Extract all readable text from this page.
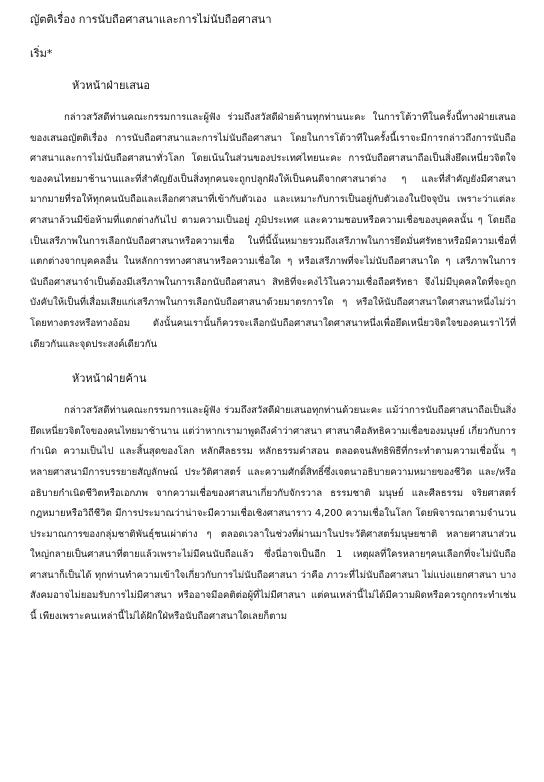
ญัตติเรื่อง การนับถือศาสนาและการไม่นับถือศาสนา

เริ่ม*

หัวหน้าฝ่ายเสนอ

กล่าวสวัสดีท่านคณะกรรมการและผู้ฟัง ร่วมถึงสวัสดีฝ่ายค้านทุกท่านนะคะ ในการโต้วาทีในครั้งนี้ทางฝ่ายเสนอของเสนอญัตติเรื่อง การนับถือศาสนาและการไม่นับถือศาสนา โดยในการโต้วาทีในครั้งนี้เราจะมีการกล่าวถึงการนับถือศาสนาและการไม่นับถือศาสนาทั่วโลก โดยเน้นในส่วนของประเทศไทยนะคะ การนับถือศาสนาถือเป็นสิ่งยึดเหนี่ยวจิตใจของคนไทยมาช้านานและที่สำคัญยังเป็นสิ่งทุกคนจะถูกปลูกฝังให้เป็นคนดีจากศาสนาต่าง ๆ และที่สำคัญยังมีศาสนามากมายที่รอให้ทุกคนนับถือและเลือกศาสนาที่เข้ากับตัวเอง และเหมาะกับการเป็นอยู่กับตัวเองในปัจจุบัน เพราะว่าแต่ละศาสนาล้วนมีข้อห้ามที่แตกต่างกันไป ตามความเป็นอยู่ ภูมิประเทศ และความชอบหรือความเชื่อของบุคคลนั้น ๆ โดยถือเป็นเสรีภาพในการเลือกนับถือศาสนาหรือความเชื่อ ในที่นี้นั้นหมายรวมถึงเสรีภาพในการยึดมั่นศรัทธาหรือมีความเชื่อที่แตกต่างจากบุคคลอื่น ในหลักการทางศาสนาหรือความเชื่อใด ๆ หรือเสรีภาพที่จะไม่นับถือศาสนาใด ๆ เสรีภาพในการ นับถือศาสนาจำเป็นต้องมีเสรีภาพในการเลือกนับถือศาสนา สิทธิที่จะคงไว้ในความเชื่อถือศรัทธา จึงไม่มีบุคคลใดที่จะถูกบังคับให้เป็นที่เสื่อมเสียแก่เสรีภาพในการเลือกนับถือศาสนาด้วยมาตรการใด ๆ หรือให้นับถือศาสนาใดศาสนาหนึ่งไม่ว่าโดยทางตรงหรือทางอ้อม ดังนั้นคนเรานั้นก็ควรจะเลือกนับถือศาสนาใดศาสนาหนึ่งเพื่อยึดเหนี่ยวจิตใจของคนเราไว้ที่เดียวกันและจุดประสงค์เดียวกัน

หัวหน้าฝ่ายค้าน

กล่าวสวัสดีท่านคณะกรรมการและผู้ฟัง ร่วมถึงสวัสดีฝ่ายเสนอทุกท่านด้วยนะคะ แม้ว่าการนับถือศาสนาถือเป็นสิ่งยึดเหนี่ยวจิตใจของคนไทยมาช้านาน แต่ว่าหากเรามาพูดถึงคำว่าศาสนา ศาสนาคือลัทธิความเชื่อของมนุษย์ เกี่ยวกับการกำเนิด ความเป็นไป และสิ้นสุดของโลก หลักศีลธรรม หลักธรรมคำสอน ตลอดจนลัทธิพิธีที่กระทำตามความเชื่อนั้น ๆ หลายศาสนามีการบรรยายสัญลักษณ์ ประวัติศาสตร์ และความศักดิ์สิทธิ์ซึ่งเจตนาอธิบายความหมายของชีวิต และ/หรืออธิบายกำเนิดชีวิตหรือเอกภพ จากความเชื่อของศาสนาเกี่ยวกับจักรวาล ธรรมชาติ มนุษย์ และศีลธรรม จริยศาสตร์ กฎหมายหรือวิถีชีวิต มีการประมาณว่าน่าจะมีความเชื่อเชิงศาสนาราว 4,200 ความเชื่อในโลก โดยพิจารณาตามจำนวนประมาณการของกลุ่มชาติพันธุ์ชนเผ่าต่าง ๆ ตลอดเวลาในช่วงที่ผ่านมาในประวัติศาสตร์มนุษยชาติ หลายศาสนาส่วนใหญ่กลายเป็นศาสนาที่ตายแล้วเพราะไม่มีคนนับถือแล้ว ซึ่งนี่อาจเป็นอีก 1 เหตุผลที่ใครหลายๆคนเลือกที่จะไม่นับถือศาสนาก็เป็นได้ ทุกท่านทำความเข้าใจเกี่ยวกับการไม่นับถือศาสนา ว่าคือ ภาวะที่ไม่นับถือศาสนา ไม่แบ่งแยกศาสนา บางสังคมอาจไม่ยอมรับการไม่มีศาสนา หรืออาจมีอคติต่อผู้ที่ไม่มีศาสนา แต่คนเหล่านี้ไม่ได้มีความผิดหรือควรถูกกระทำเช่นนี้ เพียงเพราะคนเหล่านี้ไม่ได้ฝักใฝ่หรือนับถือศาสนาใดเลยก็ตาม
